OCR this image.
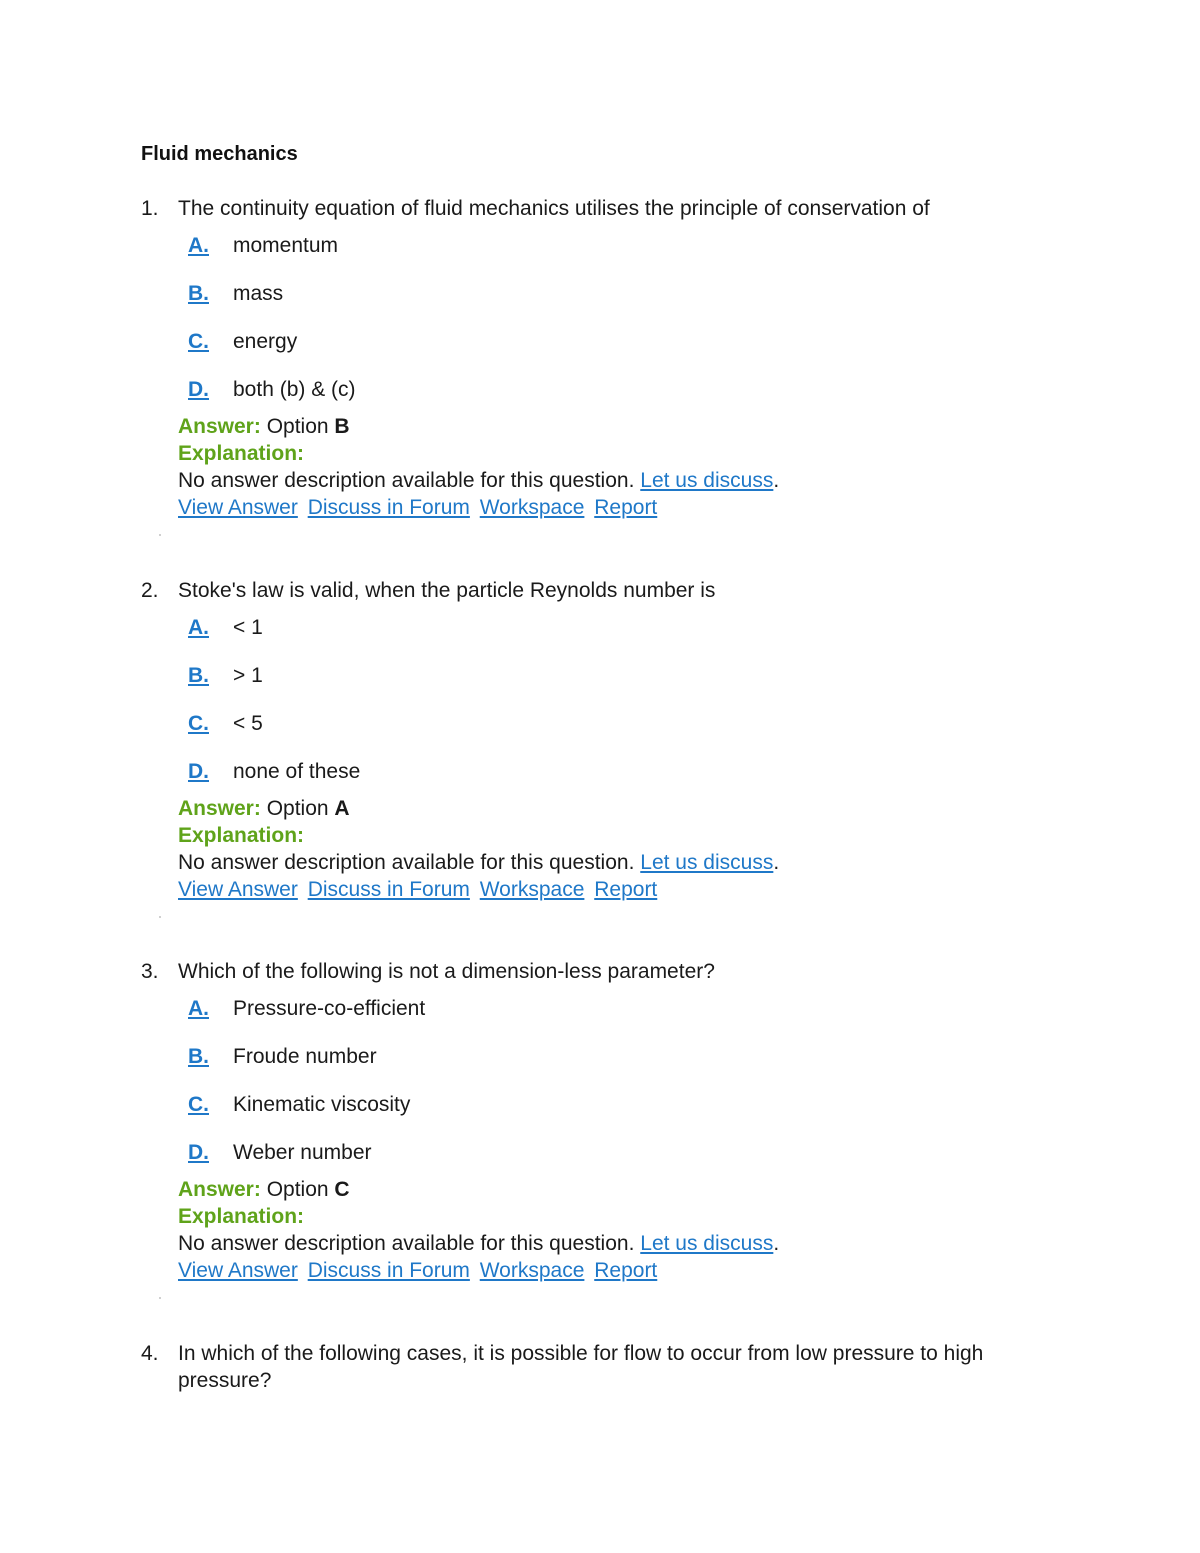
Fluid mechanics
1. The continuity equation of fluid mechanics utilises the principle of conservation of
A. momentum
B. mass
C. energy
D. both (b) & (c)
Answer: Option B
Explanation:
No answer description available for this question. Let us discuss.
View Answer Discuss in Forum Workspace Report
2. Stoke's law is valid, when the particle Reynolds number is
A. < 1
B. > 1
C. < 5
D. none of these
Answer: Option A
Explanation:
No answer description available for this question. Let us discuss.
View Answer Discuss in Forum Workspace Report
3. Which of the following is not a dimension-less parameter?
A. Pressure-co-efficient
B. Froude number
C. Kinematic viscosity
D. Weber number
Answer: Option C
Explanation:
No answer description available for this question. Let us discuss.
View Answer Discuss in Forum Workspace Report
4. In which of the following cases, it is possible for flow to occur from low pressure to high pressure?
